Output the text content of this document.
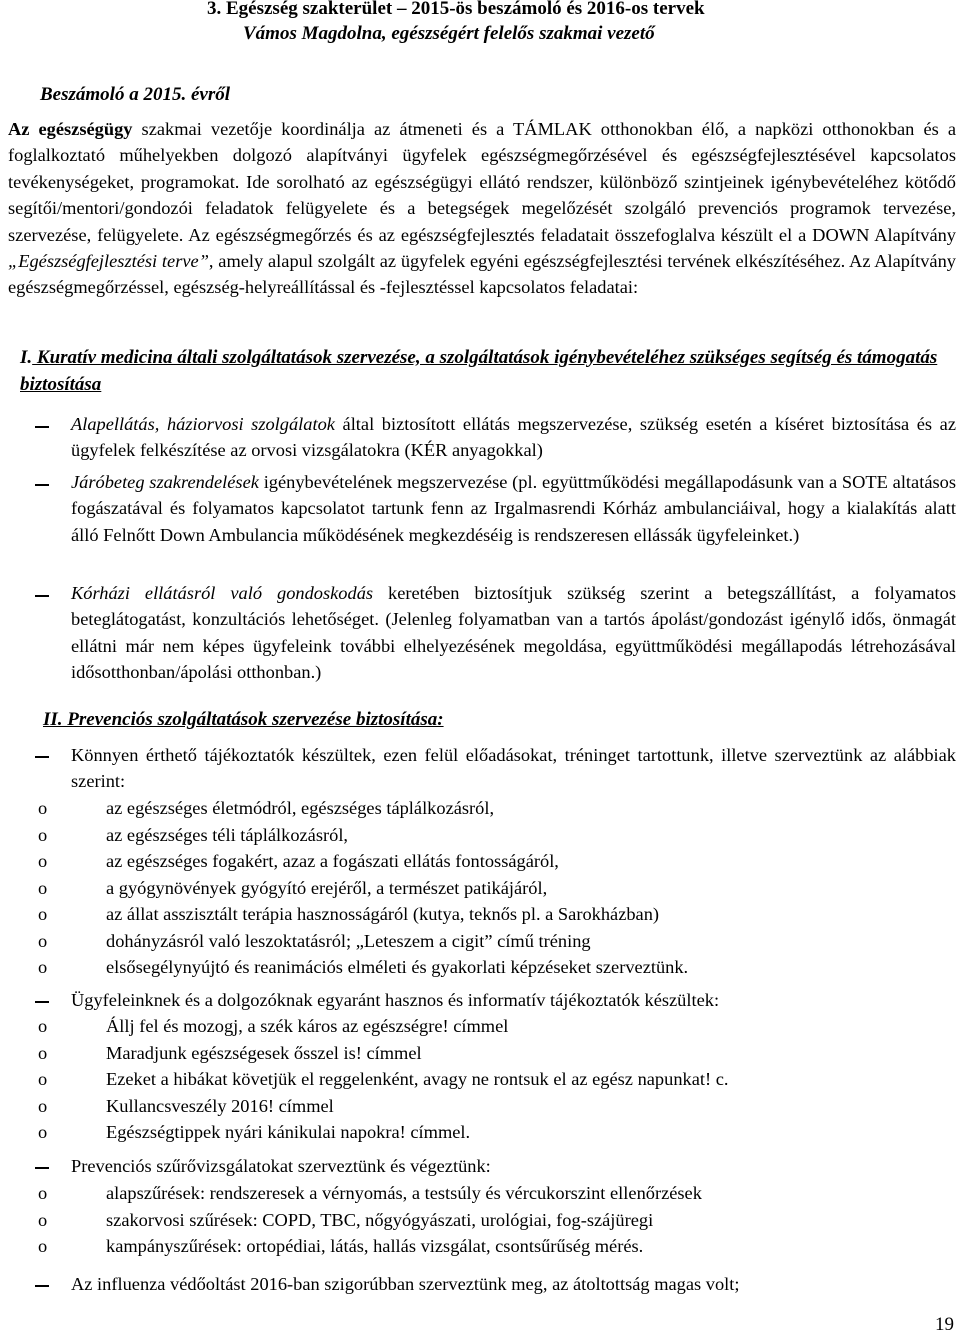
3. Egészség szakterület – 2015-ös beszámoló és 2016-os tervek
Vámos Magdolna, egészségért felelős szakmai vezető
Beszámoló a 2015. évről
Az egészségügy szakmai vezetője koordinálja az átmeneti és a TÁMLAK otthonokban élő, a napközi otthonokban és a foglalkoztató műhelyekben dolgozó alapítványi ügyfelek egészségmegőrzésével és egészségfejlesztésével kapcsolatos tevékenységeket, programokat. Ide sorolható az egészségügyi ellátó rendszer, különböző szintjeinek igénybevételéhez kötődő segítői/mentori/gondozói feladatok felügyelete és a betegségek megelőzését szolgáló prevenciós programok tervezése, szervezése, felügyelete. Az egészségmegőrzés és az egészségfejlesztés feladatait összefoglalva készült el a DOWN Alapítvány „Egészségfejlesztési terve”, amely alapul szolgált az ügyfelek egyéni egészségfejlesztési tervének elkészítéséhez. Az Alapítvány egészségmegőrzéssel, egészség-helyreállítással és -fejlesztéssel kapcsolatos feladatai:
I. Kuratív medicina általi szolgáltatások szervezése, a szolgáltatások igénybevételéhez szükséges segítség és támogatás biztosítása
Alapellátás, háziorvosi szolgálatok által biztosított ellátás megszervezése, szükség esetén a kíséret biztosítása és az ügyfelek felkészítése az orvosi vizsgálatokra (KÉR anyagokkal)
Járóbeteg szakrendelések igénybevételének megszervezése (pl. együttműködési megállapodásunk van a SOTE altatásos fogászatával és folyamatos kapcsolatot tartunk fenn az Irgalmasrendi Kórház ambulanciáival, hogy a kialakítás alatt álló Felnőtt Down Ambulancia működésének megkezdéséig is rendszeresen ellássák ügyfeleinket.)
Kórházi ellátásról való gondoskodás keretében biztosítjuk szükség szerint a betegszállítást, a folyamatos beteglátogatást, konzultációs lehetőséget. (Jelenleg folyamatban van a tartós ápolást/gondozást igénylő idős, önmagát ellátni már nem képes ügyfeleink további elhelyezésének megoldása, együttműködési megállapodás létrehozásával idősotthonban/ápolási otthonban.)
II. Prevenciós szolgáltatások szervezése biztosítása:
Könnyen érthető tájékoztatók készültek, ezen felül előadásokat, tréninget tartottunk, illetve szerveztünk az alábbiak szerint:
o	az egészséges életmódról, egészséges táplálkozásról,
o	az egészséges téli táplálkozásról,
o	az egészséges fogakért, azaz a fogászati ellátás fontosságáról,
o	a gyógynövények gyógyító erejéről, a természet patikájáról,
o	az állat asszisztált terápia hasznosságáról (kutya, teknős pl. a Sarokházban)
o	dohányzásról való leszoktatásról; „Leteszem a cigit” című tréning
o	elsősegélynyújtó és reanimációs elméleti és gyakorlati képzéseket szerveztünk.
Ügyfeleinknek és a dolgozóknak egyaránt hasznos és informatív tájékoztatók készültek:
o	Állj fel és mozogj, a szék káros az egészségre! címmel
o	Maradjunk egészségesek ősszel is! címmel
o	Ezeket a hibákat követjük el reggelenként, avagy ne rontsuk el az egész napunkat! c.
o	Kullancsveszély 2016! címmel
o	Egészségtippek nyári kánikulai napokra! címmel.
Prevenciós szűrővizsgálatokat szerveztünk és végeztünk:
o	alapszűrések: rendszeresek a vérnyomás, a testsúly és vércukorszint ellenőrzések
o	szakorvosi szűrések: COPD, TBC, nőgyógyászati, urológiai, fog-szájüregi
o	kampányszűrések: ortopédiai, látás, hallás vizsgálat, csontsűrűség mérés.
Az influenza védőoltást 2016-ban szigorúbban szerveztünk meg, az átoltottság magas volt;
19
